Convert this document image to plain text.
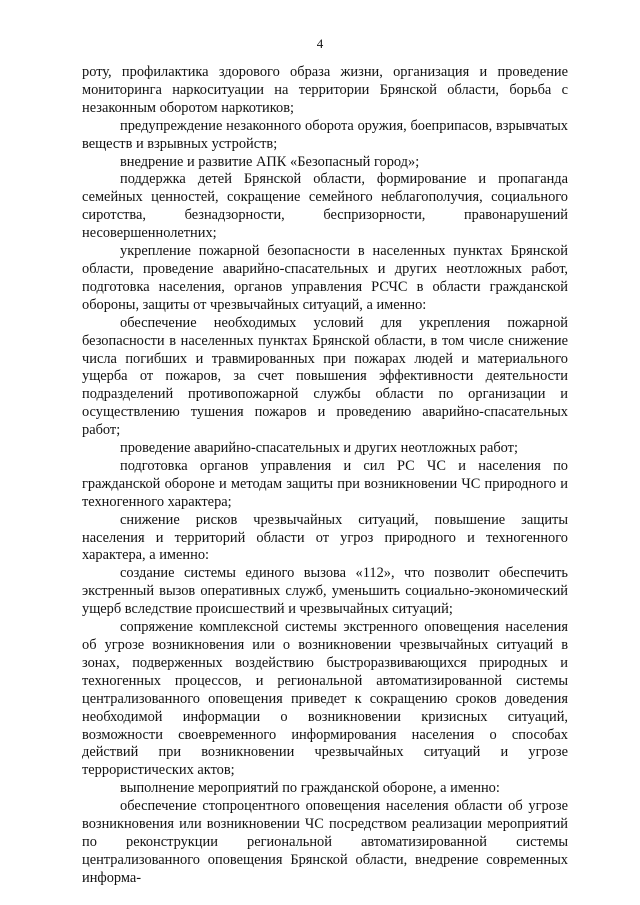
4

роту, профилактика здорового образа жизни, организация и проведение мониторинга наркоситуации на территории Брянской области, борьба с незаконным оборотом наркотиков;

предупреждение незаконного оборота оружия, боеприпасов, взрывчатых веществ и взрывных устройств;

внедрение и развитие АПК «Безопасный город»;

поддержка детей Брянской области, формирование и пропаганда семейных ценностей, сокращение семейного неблагополучия, социального сиротства, безнадзорности, беспризорности, правонарушений несовершеннолетних;

укрепление пожарной безопасности в населенных пунктах Брянской области, проведение аварийно-спасательных и других неотложных работ, подготовка населения, органов управления РСЧС в области гражданской обороны, защиты от чрезвычайных ситуаций, а именно:

обеспечение необходимых условий для укрепления пожарной безопасности в населенных пунктах Брянской области, в том числе снижение числа погибших и травмированных при пожарах людей и материального ущерба от пожаров, за счет повышения эффективности деятельности подразделений противопожарной службы области по организации и осуществлению тушения пожаров и проведению аварийно-спасательных работ;

проведение аварийно-спасательных и других неотложных работ;

подготовка органов управления и сил РС ЧС и населения по гражданской обороне и методам защиты при возникновении ЧС природного и техногенного характера;

снижение рисков чрезвычайных ситуаций, повышение защиты населения и территорий области от угроз природного и техногенного характера, а именно:

создание системы единого вызова «112», что позволит обеспечить экстренный вызов оперативных служб, уменьшить социально-экономический ущерб вследствие происшествий и чрезвычайных ситуаций;

сопряжение комплексной системы экстренного оповещения населения об угрозе возникновения или о возникновении чрезвычайных ситуаций в зонах, подверженных воздействию быстроразвивающихся природных и техногенных процессов, и региональной автоматизированной системы централизованного оповещения приведет к сокращению сроков доведения необходимой информации о возникновении кризисных ситуаций, возможности своевременного информирования населения о способах действий при возникновении чрезвычайных ситуаций и угрозе террористических актов;

выполнение мероприятий по гражданской обороне, а именно:

обеспечение стопроцентного оповещения населения области об угрозе возникновения или возникновении ЧС посредством реализации мероприятий по реконструкции региональной автоматизированной системы централизованного оповещения Брянской области, внедрение современных информа-
